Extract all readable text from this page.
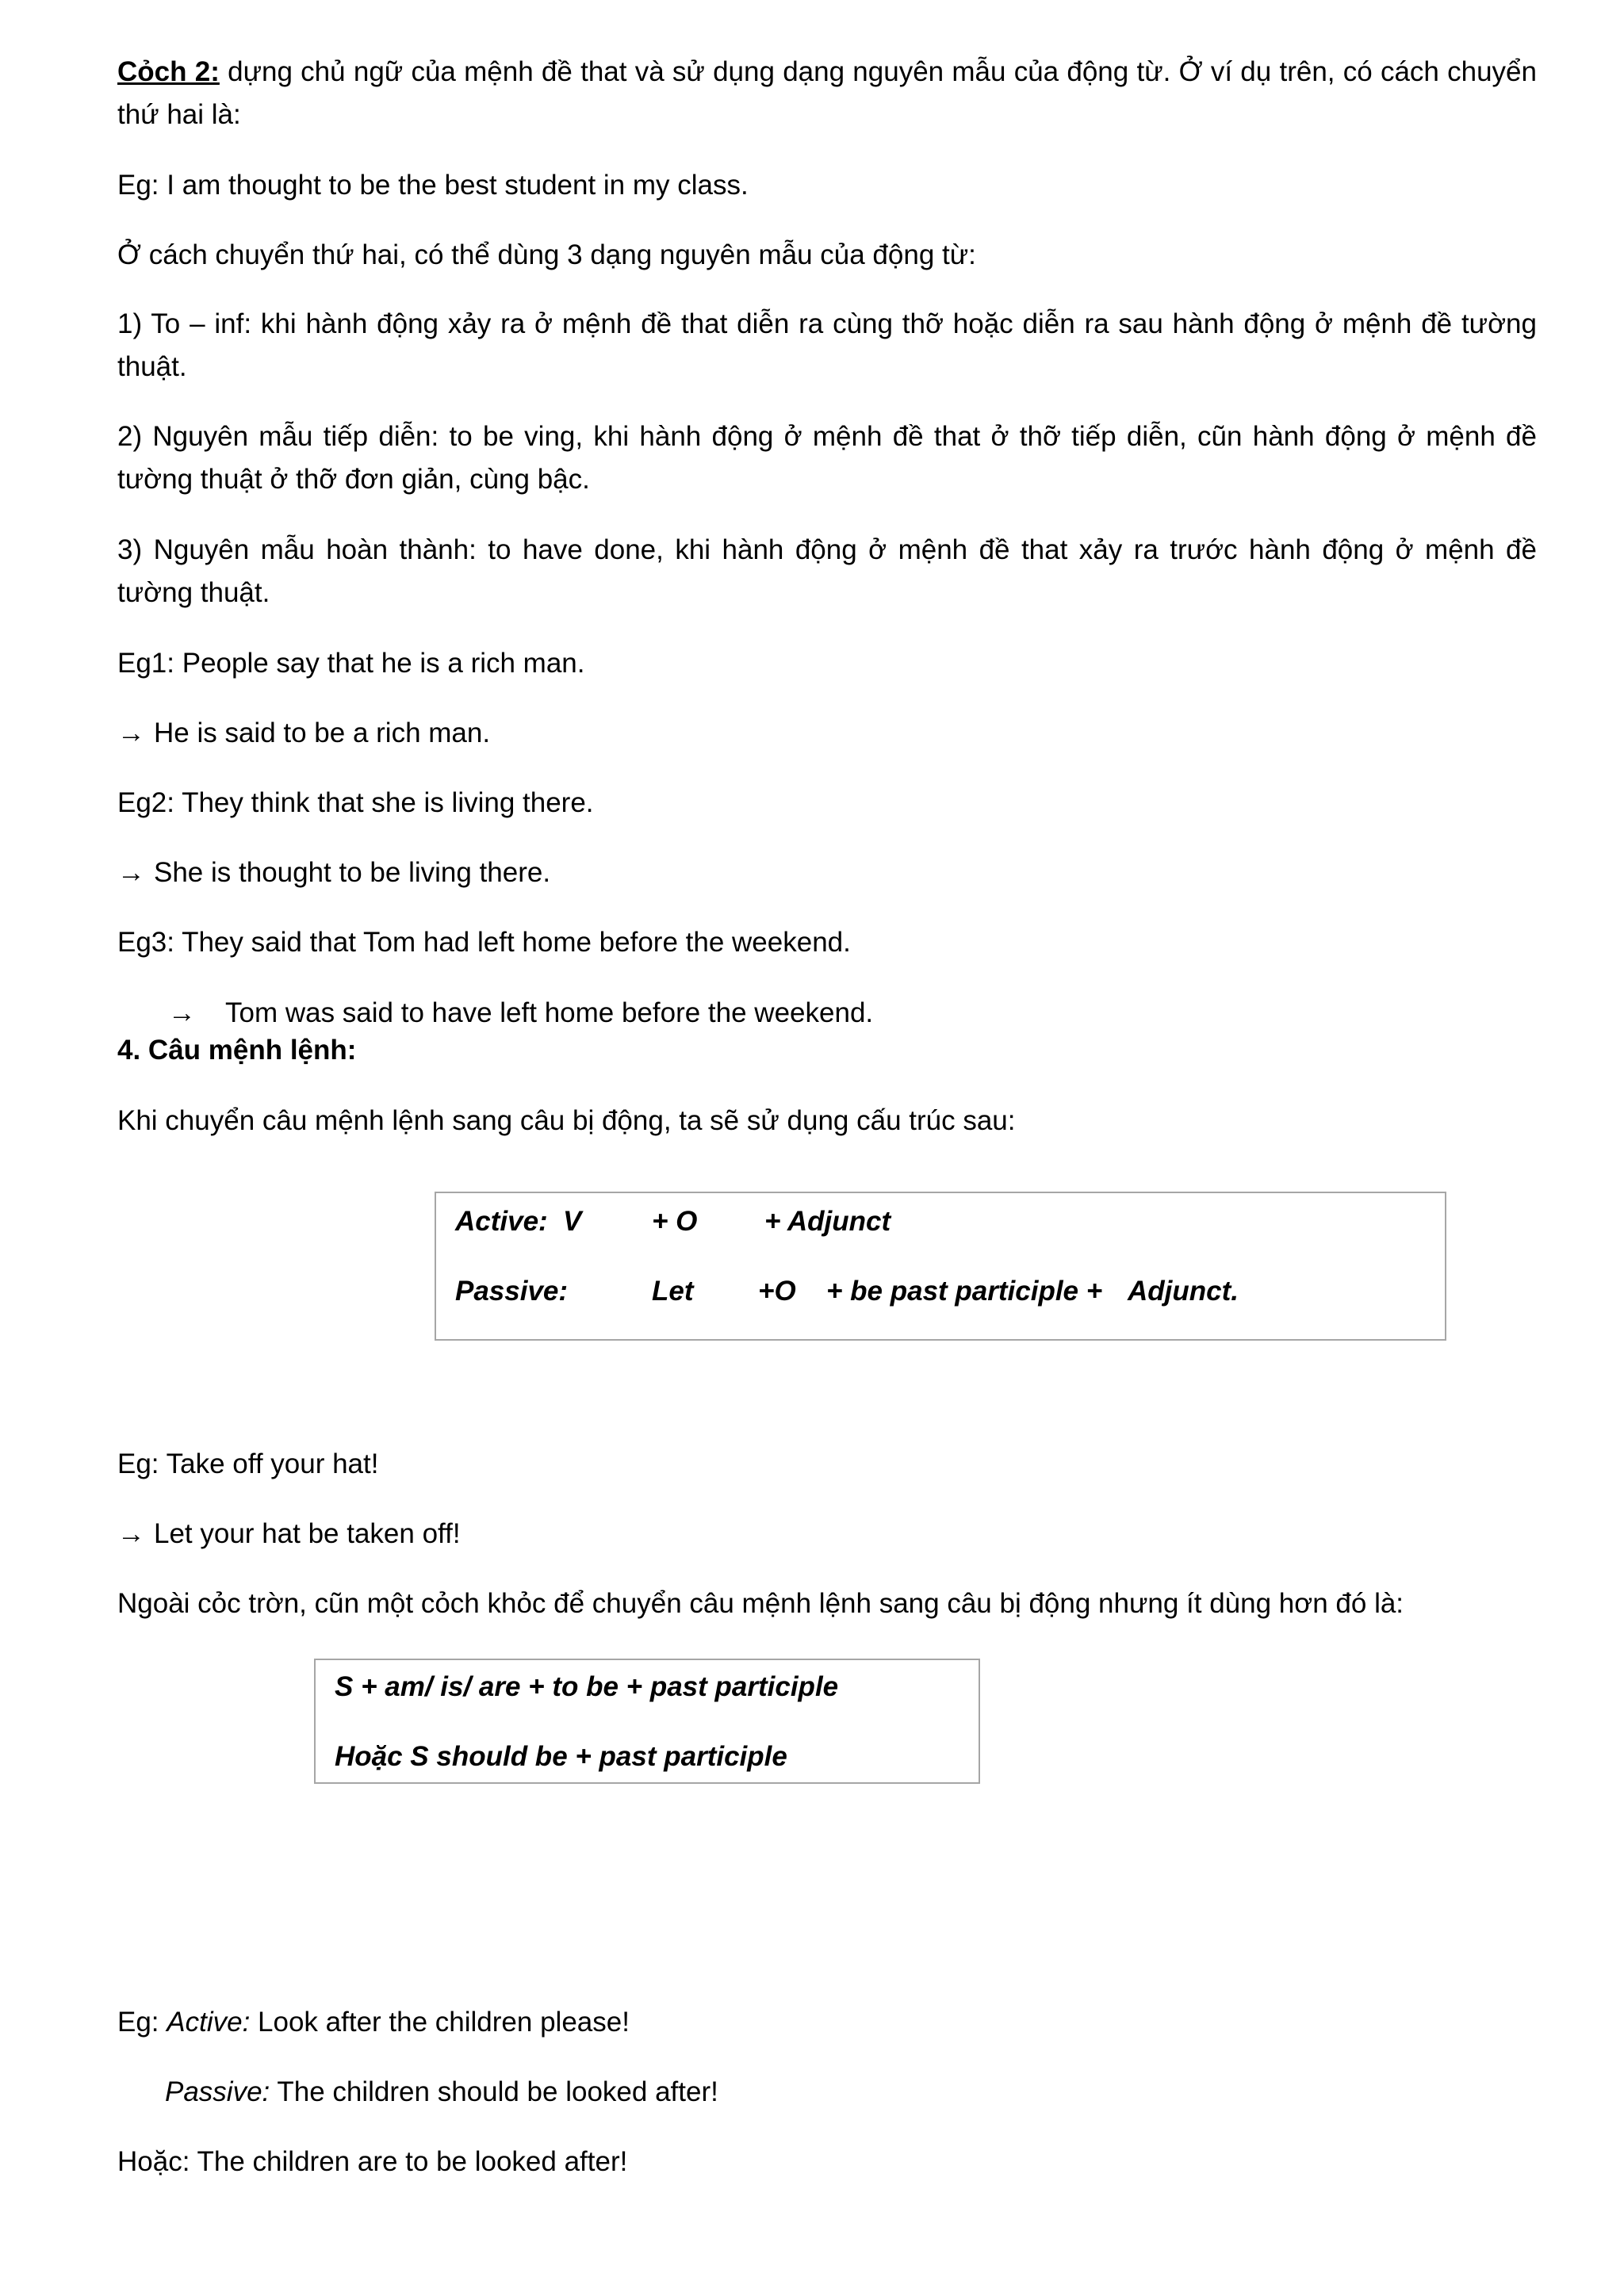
Cỏch 2: dựng chủ ngữ của mệnh đề that và sử dụng dạng nguyên mẫu của động từ. Ở ví dụ trên, có cách chuyển thứ hai là:

Eg: I am thought to be the best student in my class.

Ở cách chuyển thứ hai, có thể dùng 3 dạng nguyên mẫu của động từ:

1) To – inf: khi hành động xảy ra ở mệnh đề that diễn ra cùng thỡ hoặc diễn ra sau hành động ở mệnh đề tường thuật.

2) Nguyên mẫu tiếp diễn: to be ving, khi hành động ở mệnh đề that ở thỡ tiếp diễn, cũn hành động ở mệnh đề tường thuật ở thỡ đơn giản, cùng bậc.

3) Nguyên mẫu hoàn thành: to have done, khi hành động ở mệnh đề that xảy ra trước hành động ở mệnh đề tường thuật.

Eg1: People say that he is a rich man.

→ He is said to be a rich man.

Eg2: They think that she is living there.

→ She is thought to be living there.

Eg3: They said that Tom had left home before the weekend.

→ Tom was said to have left home before the weekend.

4. Câu mệnh lệnh:

Khi chuyển câu mệnh lệnh sang câu bị động, ta sẽ sử dụng cấu trúc sau:

Active: V	+ O + Adjunct
Passive:	Let +O + be past participle + Adjunct.

Eg: Take off your hat!

→ Let your hat be taken off!

Ngoài cỏc trờn, cũn một cỏch khỏc để chuyển câu mệnh lệnh sang câu bị động nhưng ít dùng hơn đó là:

S + am/ is/ are + to be + past participle
Hoặc S should be + past participle

Eg: Active: Look after the children please!

Passive: The children should be looked after!

Hoặc: The children are to be looked after!
